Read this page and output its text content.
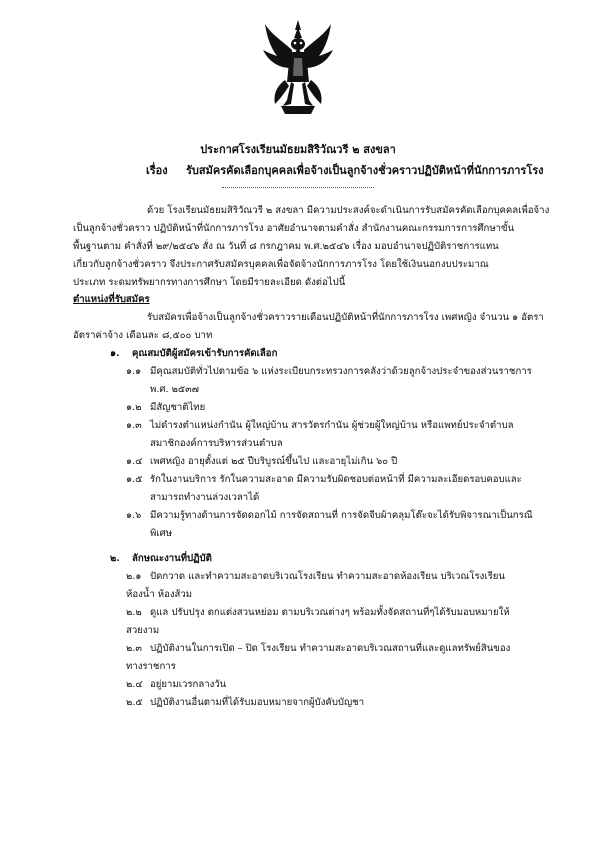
ประกาศโรงเรียนมัธยมสิริวัณวรี ๒ สงขลา
เรื่อง รับสมัครคัดเลือกบุคคลเพื่อจ้างเป็นลูกจ้างชั่วคราวปฏิบัติหน้าที่นักการภารโรง
ด้วย โรงเรียนมัธยมสิริวัณวรี ๒ สงขลา มีความประสงค์จะดำเนินการรับสมัครคัดเลือกบุคคลเพื่อจ้าง
เป็นลูกจ้างชั่วคราว ปฏิบัติหน้าที่นักการภารโรง อาศัยอำนาจตามคำสั่ง สำนักงานคณะกรรมการการศึกษาขั้น
พื้นฐานตาม คำสั่งที่ ๒๙/๒๕๔๖ สั่ง ณ วันที่ ๘ กรกฎาคม พ.ศ.๒๕๔๖ เรื่อง มอบอำนาจปฏิบัติราชการแทน
เกี่ยวกับลูกจ้างชั่วคราว จึงประกาศรับสมัครบุคคลเพื่อจัดจ้างนักการภารโรง โดยใช้เงินนอกงบประมาณ
ประเภท ระดมทรัพยากรทางการศึกษา โดยมีรายละเอียด ดังต่อไปนี้
ตำแหน่งที่รับสมัคร
รับสมัครเพื่อจ้างเป็นลูกจ้างชั่วคราวรายเดือนปฏิบัติหน้าที่นักการภารโรง เพศหญิง จำนวน ๑ อัตรา
อัตราค่าจ้าง เดือนละ ๘,๕๐๐ บาท
๑. คุณสมบัติผู้สมัครเข้ารับการคัดเลือก
๑.๑ มีคุณสมบัติทั่วไปตามข้อ ๖ แห่งระเบียบกระทรวงการคลังว่าด้วยลูกจ้างประจำของส่วนราชการ
พ.ศ. ๒๕๓๗
๑.๒ มีสัญชาติไทย
๑.๓ ไม่ดำรงตำแหน่งกำนัน ผู้ใหญ่บ้าน สารวัตรกำนัน ผู้ช่วยผู้ใหญ่บ้าน หรือแพทย์ประจำตำบล
สมาชิกองค์การบริหารส่วนตำบล
๑.๔ เพศหญิง อายุตั้งแต่ ๒๕ ปีบริบูรณ์ขึ้นไป และอายุไม่เกิน ๖๐ ปี
๑.๕ รักในงานบริการ รักในความสะอาด มีความรับผิดชอบต่อหน้าที่ มีความละเอียดรอบคอบและ
สามารถทำงานล่วงเวลาได้
๑.๖ มีความรู้ทางด้านการจัดดอกไม้ การจัดสถานที่ การจัดจีบผ้าคลุมโต๊ะจะได้รับพิจารณาเป็นกรณี
พิเศษ
๒. ลักษณะงานที่ปฏิบัติ
๒.๑ ปัดกวาด และทำความสะอาดบริเวณโรงเรียน ทำความสะอาดห้องเรียน บริเวณโรงเรียน
ห้องน้ำ ห้องส้วม
๒.๒ ดูแล ปรับปรุง ตกแต่งสวนหย่อม ตามบริเวณต่างๆ พร้อมทั้งจัดสถานที่ๆได้รับมอบหมายให้
สวยงาม
๒.๓ ปฏิบัติงานในการเปิด – ปิด โรงเรียน ทำความสะอาดบริเวณสถานที่และดูแลทรัพย์สินของ
ทางราชการ
๒.๔ อยู่ยามเวรกลางวัน
๒.๕ ปฏิบัติงานอื่นตามที่ได้รับมอบหมายจากผู้บังคับบัญชา
